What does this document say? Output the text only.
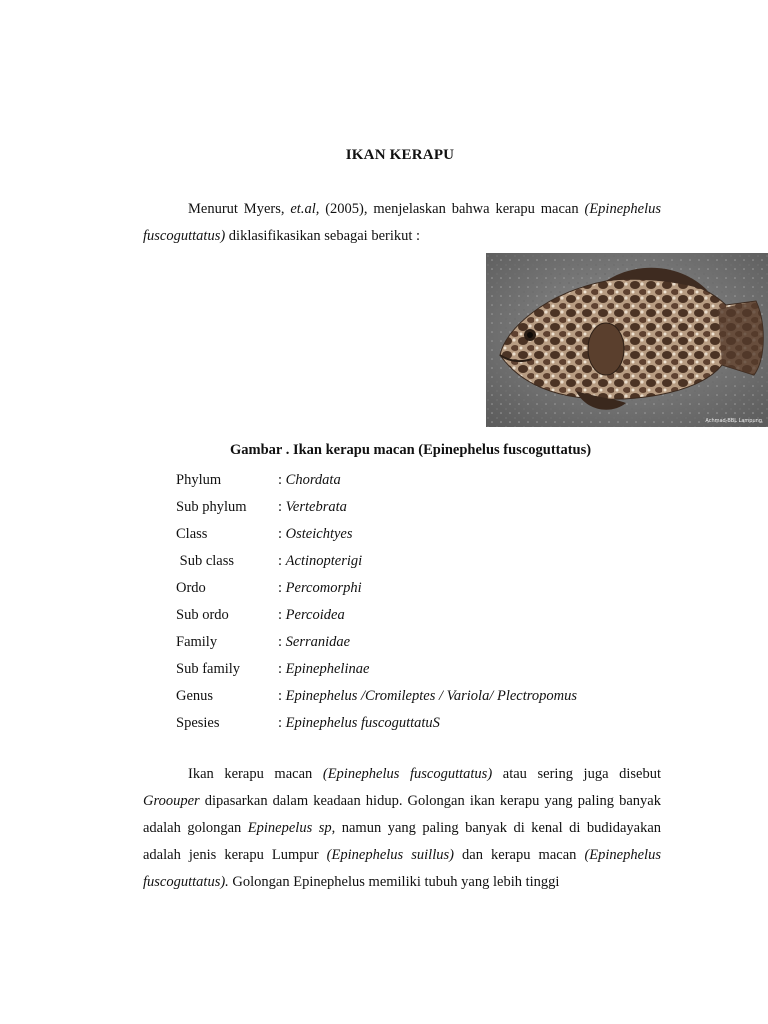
IKAN KERAPU

Menurut Myers, et.al, (2005), menjelaskan bahwa kerapu macan (Epinephelus fuscoguttatus) diklasifikasikan sebagai berikut :

Achmad-BBL Lampung
Gambar . Ikan kerapu macan (Epinephelus fuscoguttatus)
Phylum	: Chordata
Sub phylum : Vertebrata
Class	: Osteichtyes
Sub class	: Actinopterigi
Ordo	: Percomorphi
Sub ordo	: Percoidea
Family	: Serranidae
Sub family	: Epinephelinae
Genus	: Epinephelus /Cromileptes / Variola/ Plectropomus
Spesies	: Epinephelus fuscoguttatuS

Ikan kerapu macan (Epinephelus fuscoguttatus) atau sering juga disebut Groouper dipasarkan dalam keadaan hidup. Golongan ikan kerapu yang paling banyak adalah golongan Epinepelus sp, namun yang paling banyak di kenal di budidayakan adalah jenis kerapu Lumpur (Epinephelus suillus) dan kerapu macan (Epinephelus fuscoguttatus). Golongan Epinephelus memiliki tubuh yang lebih tinggi
